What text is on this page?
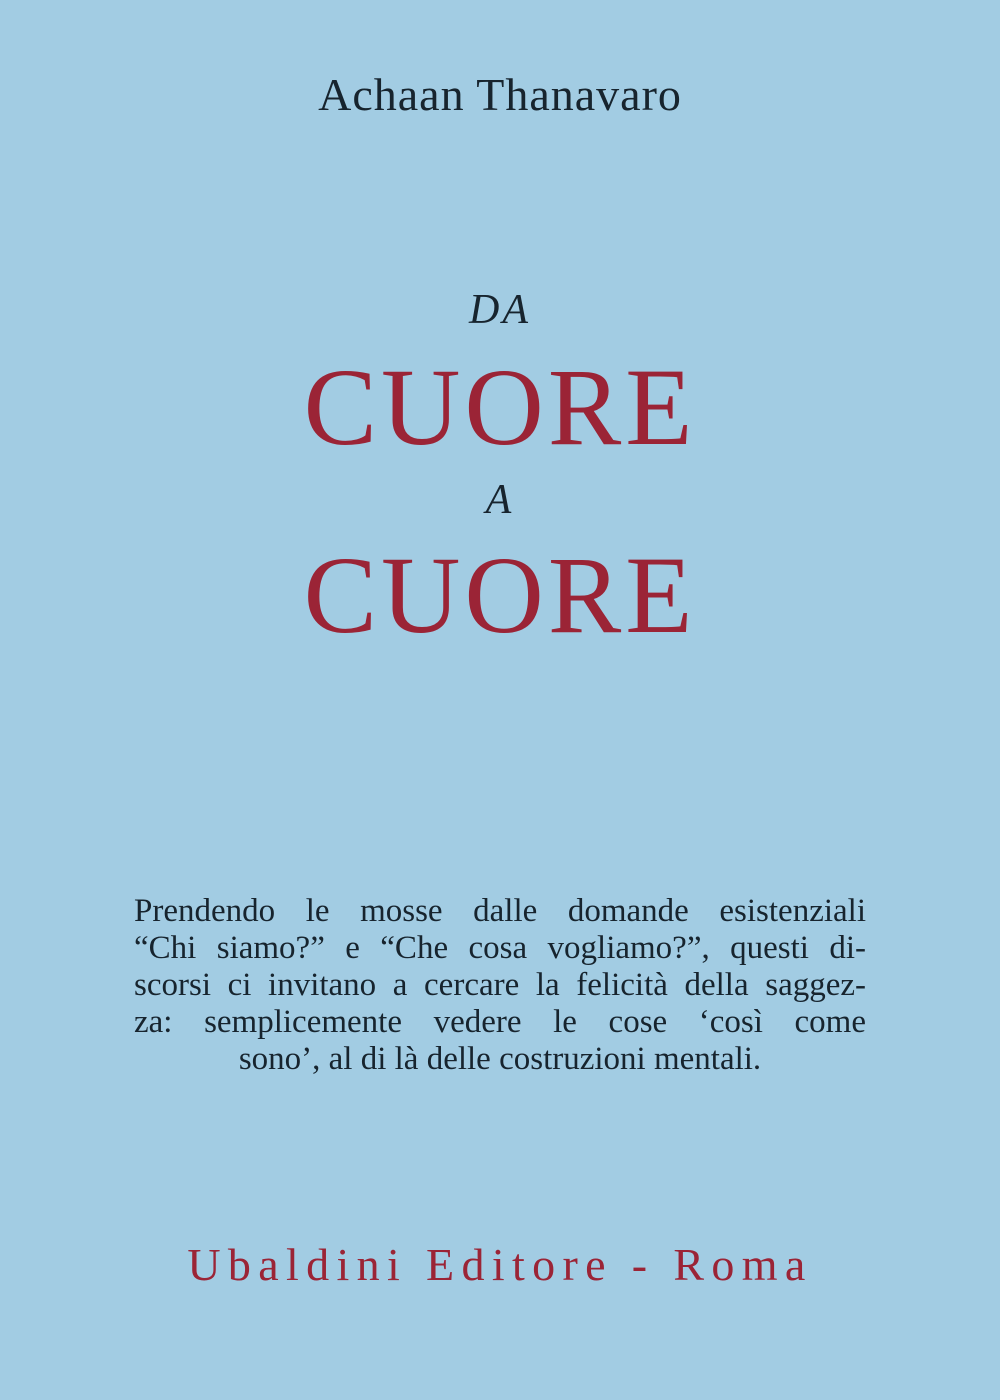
Achaan Thanavaro
DA
CUORE
A
CUORE
Prendendo le mosse dalle domande esistenziali
“Chi siamo?” e “Che cosa vogliamo?”, questi di-
scorsi ci invitano a cercare la felicità della saggez-
za: semplicemente vedere le cose ‘così come
sono’, al di là delle costruzioni mentali.
Ubaldini Editore - Roma
